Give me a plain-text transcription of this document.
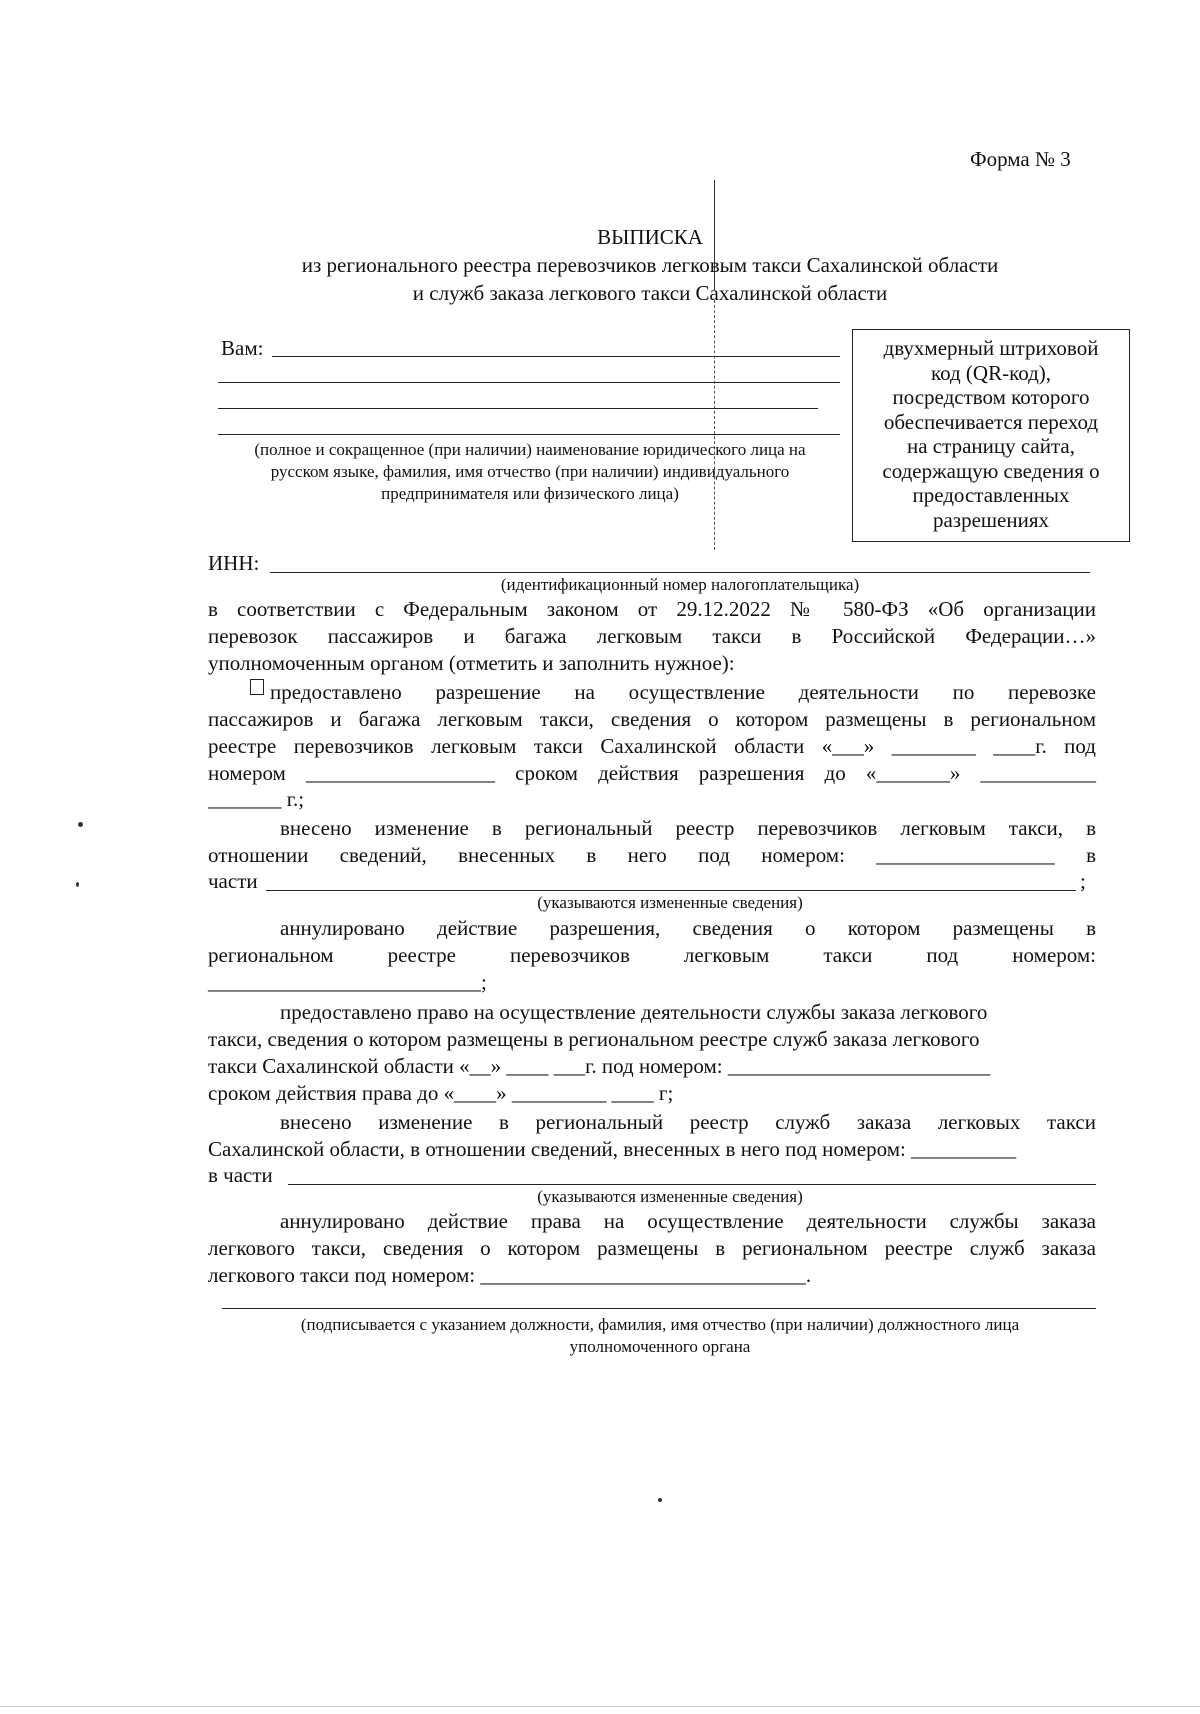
Форма № 3
ВЫПИСКА
из регионального реестра перевозчиков легковым такси Сахалинской области
и служб заказа легкового такси Сахалинской области
Вам:
(полное и сокращенное (при наличии) наименование юридического лица на
русском языке, фамилия, имя отчество (при наличии) индивидуального
предпринимателя или физического лица)
двухмерный штриховой
код (QR-код),
посредством которого
обеспечивается переход
на страницу сайта,
содержащую сведения о
предоставленных
разрешениях
ИНН:
(идентификационный номер налогоплательщика)
в соответствии с Федеральным законом от 29.12.2022 № 580-ФЗ «Об организации
перевозок пассажиров и багажа легковым такси в Российской Федерации…»
уполномоченным органом (отметить и заполнить нужное):
предоставлено разрешение на осуществление деятельности по перевозке
пассажиров и багажа легковым такси, сведения о котором размещены в региональном
реестре перевозчиков легковым такси Сахалинской области «___» ________ ____г. под
номером __________________ сроком действия разрешения до «_______» ___________
_______ г.;
внесено изменение в региональный реестр перевозчиков легковым такси, в
отношении сведений, внесенных в него под номером: _________________ в
части	;
(указываются измененные сведения)
аннулировано действие разрешения, сведения о котором размещены в
региональном реестре перевозчиков легковым такси под номером:
__________________________;
предоставлено право на осуществление деятельности службы заказа легкового
такси, сведения о котором размещены в региональном реестре служб заказа легкового
такси Сахалинской области «__» ____ ___г. под номером: _________________________
сроком действия права до «____» _________ ____ г;
внесено изменение в региональный реестр служб заказа легковых такси
Сахалинской области, в отношении сведений, внесенных в него под номером: __________
в части
(указываются измененные сведения)
аннулировано действие права на осуществление деятельности службы заказа
легкового такси, сведения о котором размещены в региональном реестре служб заказа
легкового такси под номером: _______________________________.
(подписывается с указанием должности, фамилия, имя отчество (при наличии) должностного лица
уполномоченного органа
